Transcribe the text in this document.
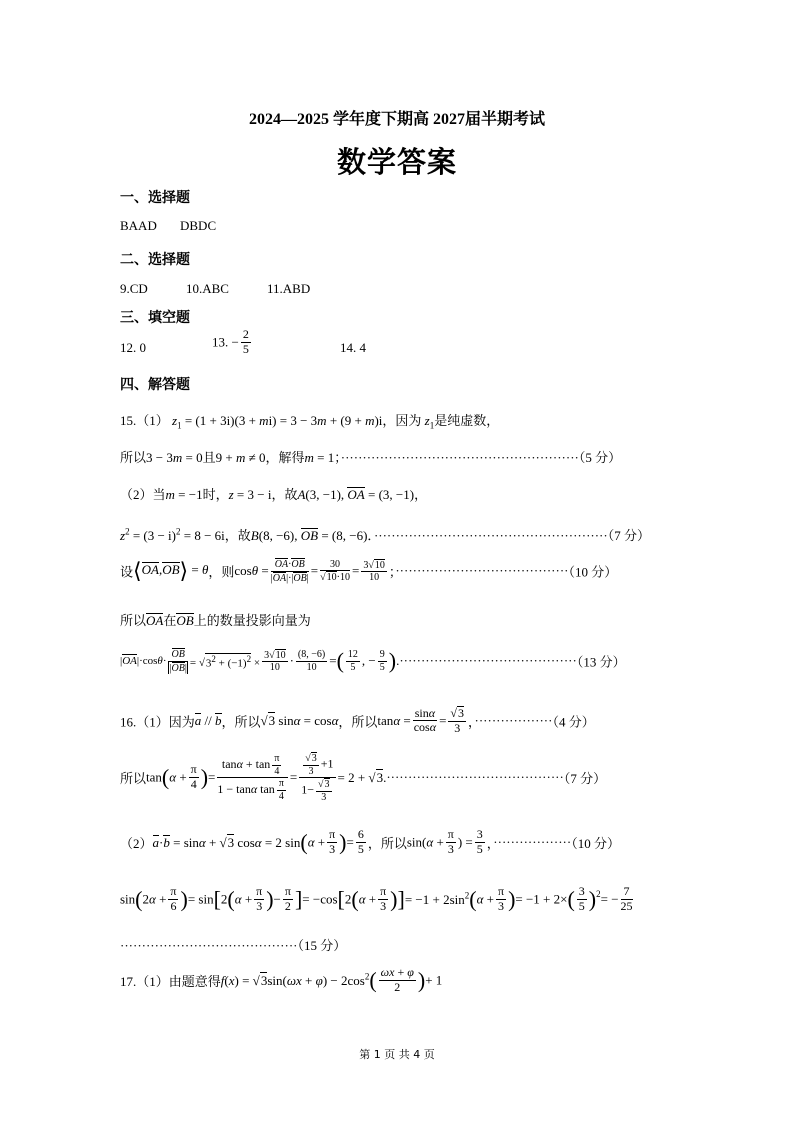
2024—2025 学年度下期高 2027届半期考试
数学答案
一、选择题
BAAD DBDC
二、选择题
9.CD	10.ABC	11.ABD
三、填空题
12. 0	13. − $\frac{2}{5}$	14. 4
四、解答题
15.（1） $z_1 = (1 + 3i)(3 + mi) = 3 - 3m + (9 + m)i$，因为 $z_1$是纯虚数，
所以3 − 3m = 0且9 + m ≠ 0，解得m = 1；·······················································（5 分）
（2）当m = −1时，z = 3 − i，故A(3, −1), OA = (3, −1)，
$z^2 = (3 - i)^2 = 8 - 6i$，故B(8, −6), OB = (8, −6)．······················································（7 分）
设⟨OA,OB⟩ = θ，则$\cos\theta = \frac{OA\cdot OB}{|OA|\cdot|OB|} = \frac{30}{√10\cdot 10} = \frac{3√10}{10}$ ；········································（10 分）
所以OA在OB上的数量投影向量为
$|OA|\cdot\cos\theta\cdot \frac{OB}{|OB|} = √3^2 + (-1)^2 \times \frac{3√10}{10} \cdot \frac{(8, -6)}{10}$ =( $\frac{12}{5}$ , − $\frac{9}{5} ).\cdot\cdot\cdot\cdot\cdot\cdot\cdot\cdot\cdot\cdot\cdot\cdot\cdot\cdot\cdot\cdot\cdot\cdot\cdot\cdot\cdot\cdot\cdot\cdot\cdot\cdot\cdot\cdot\cdot\cdot\cdot\cdot\cdot\cdot\cdot\cdot\cdot\cdot\cdot\cdot\cdot(13$ 分）
16.（1）因为a // b，所以√3 sinα = cosα，所以$\tan\alpha = \frac{\sin\alpha}{\cos\alpha} = \frac{√3}{3}$ ，··················（4 分）
所以$\tan(\alpha + \frac{\pi}{4}$ )= $\frac{\tan\alpha + \tan \frac{\pi}{4}}{1 - \tan\alpha \tan \frac{\pi}{4}} = \frac{\frac{√3}{3} +1}{1- \frac{√3}{3}} = 2 + √3.\cdot\cdot\cdot\cdot\cdot\cdot\cdot\cdot\cdot\cdot\cdot\cdot\cdot\cdot\cdot\cdot\cdot\cdot\cdot\cdot\cdot\cdot\cdot\cdot\cdot\cdot\cdot\cdot\cdot\cdot\cdot\cdot\cdot\cdot\cdot\cdot\cdot\cdot\cdot\cdot\cdot(7$ 分）
（2）a·b = sinα + √3 cosα = 2 $\sin(\alpha + \frac{\pi}{3}$ )= $\frac{6}{5}$ ，所以$\sin(\alpha + \frac{\pi}{3}$ ) = $\frac{3}{5}$ ，··················（10 分）
$\sin(2\alpha + \frac{\pi}{6}$ )= $\sin[2(\alpha + \frac{\pi}{3}$ )− $\frac{\pi}{2}$ ]= $-\cos[2(\alpha + \frac{\pi}{3}$ )]= $-1 + 2\sin^2(\alpha + \frac{\pi}{3}$ )= $-1 + 2\times( \frac{3}{5} )^2= - \frac{7}{25}$
·········································（15 分）
17.（1）由题意得$f(x) = √3\sin(\omega x + \varphi) - 2\cos^2( \frac{\omega x + \varphi}{2}$ )+ 1
第 1 页 共 4 页
